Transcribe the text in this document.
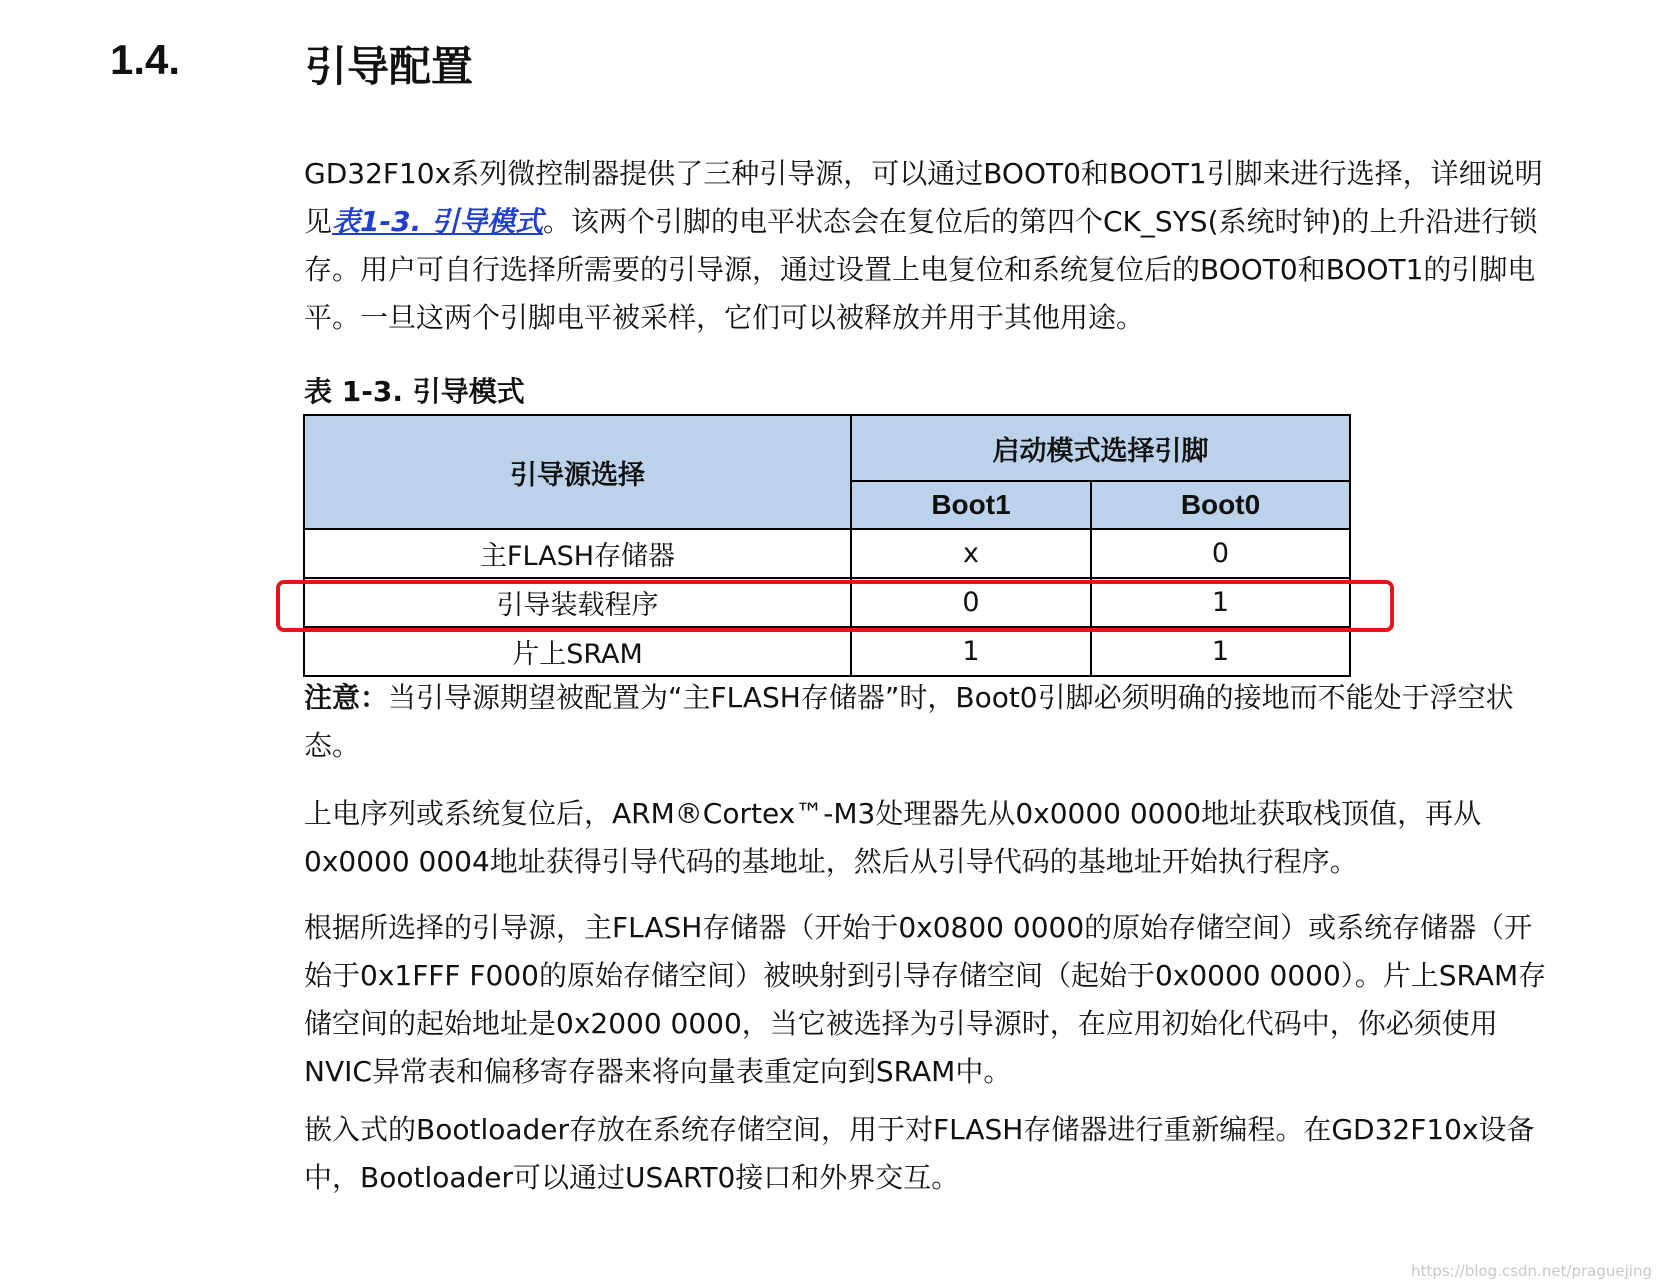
1.4.	引导配置

GD32F10x系列微控制器提供了三种引导源，可以通过BOOT0和BOOT1引脚来进行选择，详细说明见表1-3. 引导模式。该两个引脚的电平状态会在复位后的第四个CK_SYS(系统时钟)的上升沿进行锁存。用户可自行选择所需要的引导源，通过设置上电复位和系统复位后的BOOT0和BOOT1的引脚电平。一旦这两个引脚电平被采样，它们可以被释放并用于其他用途。

表 1-3. 引导模式
引导源选择	启动模式选择引脚	
	Boot1	Boot0
主FLASH存储器	x	0
引导装载程序	0	1
片上SRAM	1	1

注意：当引导源期望被配置为“主FLASH存储器”时，Boot0引脚必须明确的接地而不能处于浮空状态。

上电序列或系统复位后，ARM®Cortex™-M3处理器先从0x0000 0000地址获取栈顶值，再从0x0000 0004地址获得引导代码的基地址，然后从引导代码的基地址开始执行程序。

根据所选择的引导源，主FLASH存储器（开始于0x0800 0000的原始存储空间）或系统存储器（开始于0x1FFF F000的原始存储空间）被映射到引导存储空间（起始于0x0000 0000）。片上SRAM存储空间的起始地址是0x2000 0000，当它被选择为引导源时，在应用初始化代码中，你必须使用NVIC异常表和偏移寄存器来将向量表重定向到SRAM中。

嵌入式的Bootloader存放在系统存储空间，用于对FLASH存储器进行重新编程。在GD32F10x设备中，Bootloader可以通过USART0接口和外界交互。

https://blog.csdn.net/praguejing
